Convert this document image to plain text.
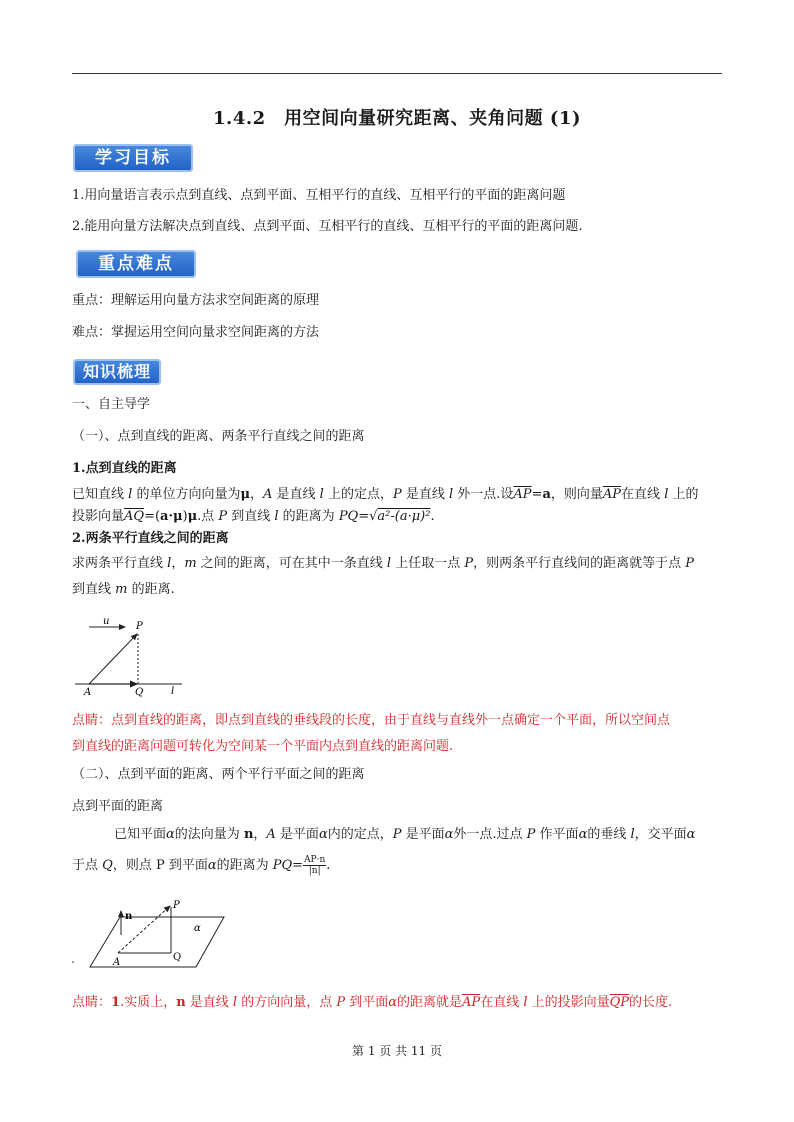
1.4.2　用空间向量研究距离、夹角问题 (1)
学习目标
1.用向量语言表示点到直线、点到平面、互相平行的直线、互相平行的平面的距离问题
2.能用向量方法解决点到直线、点到平面、互相平行的直线、互相平行的平面的距离问题.
重点难点
重点：理解运用向量方法求空间距离的原理
难点：掌握运用空间向量求空间距离的方法
知识梳理
一、自主导学
（一）、点到直线的距离、两条平行直线之间的距离
1.点到直线的距离
已知直线 l 的单位方向向量为μ，A 是直线 l 上的定点，P 是直线 l 外一点.设$\overline{AP}=a$，则向量$\overline{AP}$在直线 l 上的
投影向量$\overline{AQ}=(a\cdot\mu)\mu$.点 P 到直线 l 的距离为 PQ=√a²-(a·μ)².
2.两条平行直线之间的距离
求两条平行直线 l，m 之间的距离，可在其中一条直线 l 上任取一点 P，则两条平行直线间的距离就等于点 P
到直线 m 的距离.
u	P
A	Q	l
点睛：点到直线的距离，即点到直线的垂线段的长度，由于直线与直线外一点确定一个平面，所以空间点
到直线的距离问题可转化为空间某一个平面内点到直线的距离问题.
（二）、点到平面的距离、两个平行平面之间的距离
点到平面的距离
已知平面α的法向量为 n，A 是平面α内的定点，P 是平面α外一点.过点 P 作平面α的垂线 l，交平面α
于点 Q，则点 P 到平面α的距离为 $PQ= \frac{AP\cdot n}{|n|}$ .
n
P
α
A	Q
点睛：1.实质上，n 是直线 l 的方向向量，点 P 到平面α的距离就是$\overline{AP}$在直线 l 上的投影向量$\overline{QP}$的长度.
第 1 页 共 11 页
